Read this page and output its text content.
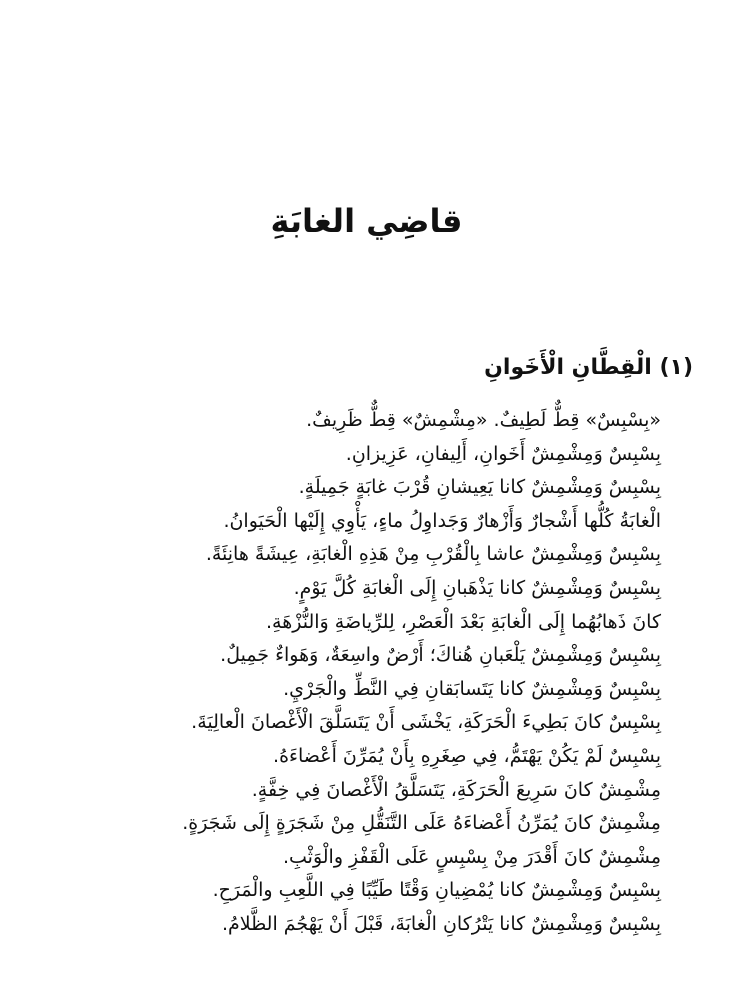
قاضِي الغابَةِ
(١) الْقِطَّانِ الْأَخَوانِ
«بِسْبِسٌ» قِطٌّ لَطِيفٌ. «مِشْمِشٌ» قِطٌّ ظَرِيفٌ.
بِسْبِسٌ وَمِشْمِشٌ أَخَوانِ، أَلِيفانِ، عَزِيزانِ.
بِسْبِسٌ وَمِشْمِشٌ كانا يَعِيشانِ قُرْبَ غابَةٍ جَمِيلَةٍ.
الْغابَةُ كُلُّها أَشْجارٌ وَأَزْهارٌ وَجَداوِلُ ماءٍ، يَأْوِي إِلَيْها الْحَيَوانُ.
بِسْبِسٌ وَمِشْمِشٌ عاشا بِالْقُرْبِ مِنْ هَذِهِ الْغابَةِ، عِيشَةً هانِئَةً.
بِسْبِسٌ وَمِشْمِشٌ كانا يَذْهَبانِ إِلَى الْغابَةِ كُلَّ يَوْمٍ.
كانَ ذَهابُهُما إِلَى الْغابَةِ بَعْدَ الْعَصْرِ، لِلرِّياضَةِ وَالنُّزْهَةِ.
بِسْبِسٌ وَمِشْمِشٌ يَلْعَبانِ هُناكَ؛ أَرْضٌ واسِعَةٌ، وَهَواءٌ جَمِيلٌ.
بِسْبِسٌ وَمِشْمِشٌ كانا يَتَسابَقانِ فِي النَّطِّ والْجَرْيِ.
بِسْبِسٌ كانَ بَطِيءَ الْحَرَكَةِ، يَخْشَى أَنْ يَتَسَلَّقَ الْأَغْصانَ الْعالِيَةَ.
بِسْبِسٌ لَمْ يَكُنْ يَهْتَمُّ، فِي صِغَرِهِ بِأَنْ يُمَرِّنَ أَعْضاءَهُ.
مِشْمِشٌ كانَ سَرِيعَ الْحَرَكَةِ، يَتَسَلَّقُ الْأَغْصانَ فِي خِفَّةٍ.
مِشْمِشٌ كانَ يُمَرِّنُ أَعْضاءَهُ عَلَى التَّنَقُّلِ مِنْ شَجَرَةٍ إِلَى شَجَرَةٍ.
مِشْمِشٌ كانَ أَقْدَرَ مِنْ بِسْبِسٍ عَلَى الْقَفْزِ والْوَثْبِ.
بِسْبِسٌ وَمِشْمِشٌ كانا يُمْضِيانِ وَقْتًا طَيِّبًا فِي اللَّعِبِ والْمَرَحِ.
بِسْبِسٌ وَمِشْمِشٌ كانا يَتْرُكانِ الْغابَةَ، قَبْلَ أَنْ يَهْجُمَ الظَّلامُ.
